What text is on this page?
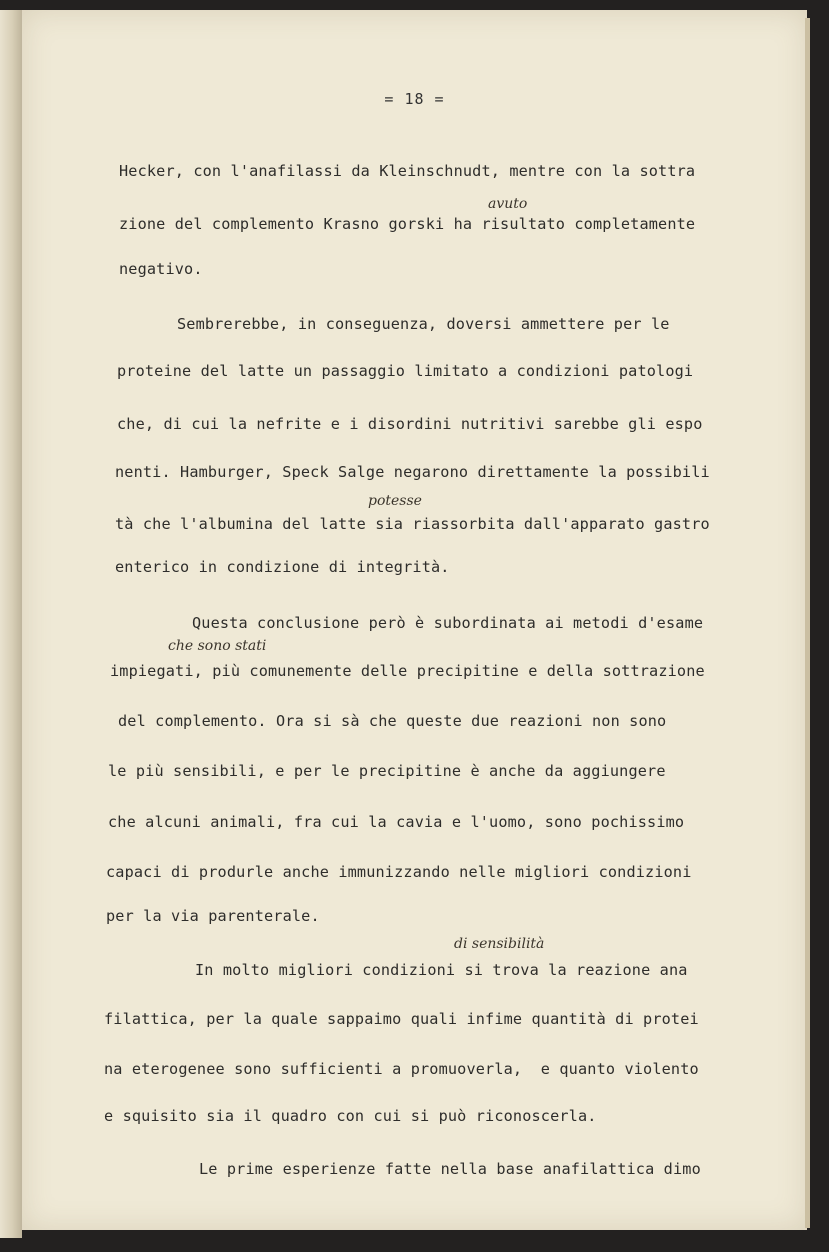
= 18 =
avuto
potesse
che sono stati
di sensibilità
Hecker, con l'anafilassi da Kleinschnudt, mentre con la sottra
zione del complemento Krasno gorski ha risultato completamente
negativo.
Sembrerebbe, in conseguenza, doversi ammettere per le
proteine del latte un passaggio limitato a condizioni patologi
che, di cui la nefrite e i disordini nutritivi sarebbe gli espo
nenti. Hamburger, Speck Salge negarono direttamente la possibili
tà che l'albumina del latte sia riassorbita dall'apparato gastro
enterico in condizione di integrità.
Questa conclusione però è subordinata ai metodi d'esame
impiegati, più comunemente delle precipitine e della sottrazione
del complemento. Ora si sà che queste due reazioni non sono
le più sensibili, e per le precipitine è anche da aggiungere
che alcuni animali, fra cui la cavia e l'uomo, sono pochissimo
capaci di produrle anche immunizzando nelle migliori condizioni
per la via parenterale.
In molto migliori condizioni si trova la reazione ana
filattica, per la quale sappaimo quali infime quantità di protei
na eterogenee sono sufficienti a promuoverla,  e quanto violento
e squisito sia il quadro con cui si può riconoscerla.
Le prime esperienze fatte nella base anafilattica dimo
